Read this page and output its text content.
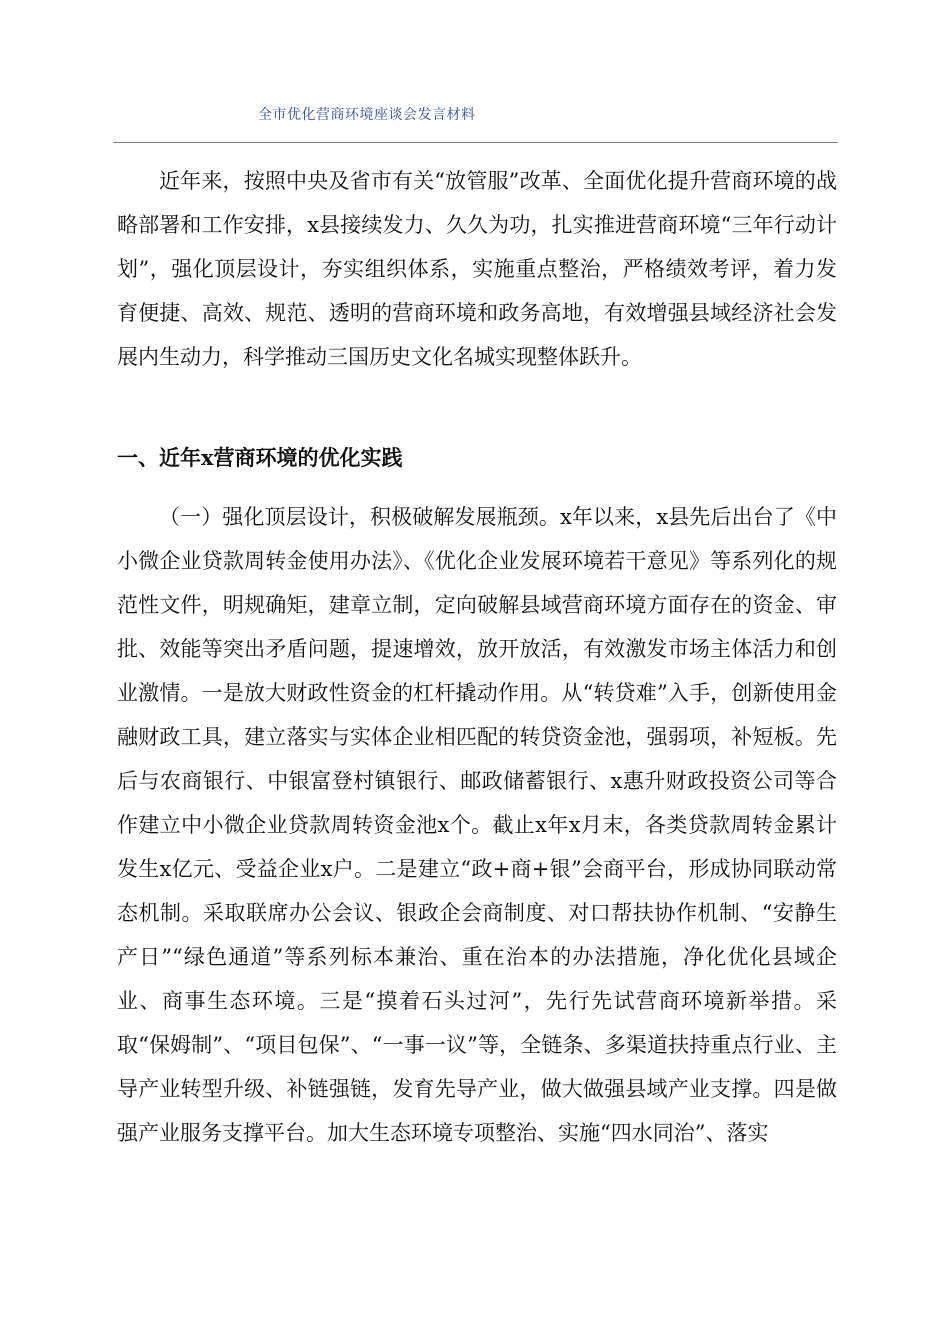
全市优化营商环境座谈会发言材料

近年来，按照中央及省市有关“放管服”改革、全面优化提升营商环境的战略部署和工作安排，x县接续发力、久久为功，扎实推进营商环境“三年行动计划”，强化顶层设计，夯实组织体系，实施重点整治，严格绩效考评，着力发育便捷、高效、规范、透明的营商环境和政务高地，有效增强县域经济社会发展内生动力，科学推动三国历史文化名城实现整体跃升。

一、近年x营商环境的优化实践

（一）强化顶层设计，积极破解发展瓶颈。x年以来，x县先后出台了《中小微企业贷款周转金使用办法》、《优化企业发展环境若干意见》等系列化的规范性文件，明规确矩，建章立制，定向破解县域营商环境方面存在的资金、审批、效能等突出矛盾问题，提速增效，放开放活，有效激发市场主体活力和创业激情。一是放大财政性资金的杠杆撬动作用。从“转贷难”入手，创新使用金融财政工具，建立落实与实体企业相匹配的转贷资金池，强弱项，补短板。先后与农商银行、中银富登村镇银行、邮政储蓄银行、x惠升财政投资公司等合作建立中小微企业贷款周转资金池x个。截止x年x月末，各类贷款周转金累计发生x亿元、受益企业x户。二是建立“政+商+银”会商平台，形成协同联动常态机制。采取联席办公会议、银政企会商制度、对口帮扶协作机制、“安静生产日”“绿色通道”等系列标本兼治、重在治本的办法措施，净化优化县域企业、商事生态环境。三是“摸着石头过河”，先行先试营商环境新举措。采取“保姆制”、“项目包保”、“一事一议”等，全链条、多渠道扶持重点行业、主导产业转型升级、补链强链，发育先导产业，做大做强县域产业支撑。四是做强产业服务支撑平台。加大生态环境专项整治、实施“四水同治”、落实
